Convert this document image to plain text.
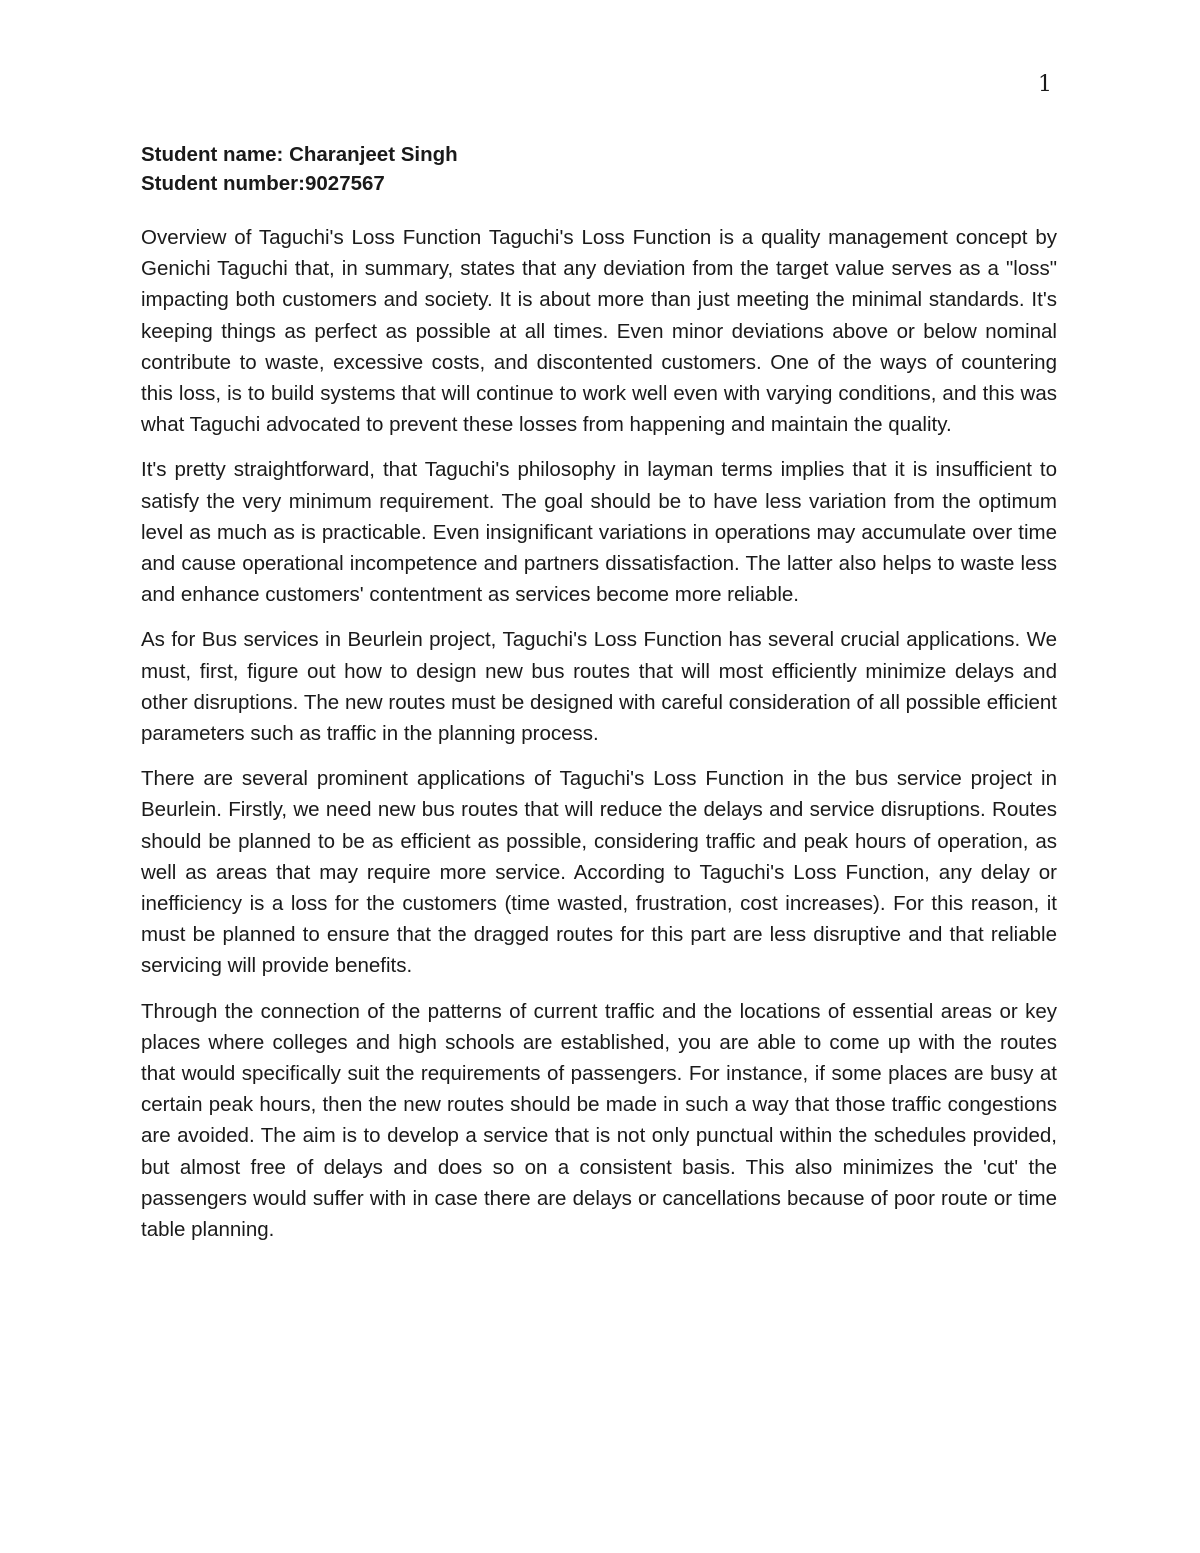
1

Student name: Charanjeet Singh

Student number:9027567

Overview of Taguchi's Loss Function Taguchi's Loss Function is a quality management concept by Genichi Taguchi that, in summary, states that any deviation from the target value serves as a "loss" impacting both customers and society. It is about more than just meeting the minimal standards. It's keeping things as perfect as possible at all times. Even minor deviations above or below nominal contribute to waste, excessive costs, and discontented customers. One of the ways of countering this loss, is to build systems that will continue to work well even with varying conditions, and this was what Taguchi advocated to prevent these losses from happening and maintain the quality.

It's pretty straightforward, that Taguchi's philosophy in layman terms implies that it is insufficient to satisfy the very minimum requirement. The goal should be to have less variation from the optimum level as much as is practicable. Even insignificant variations in operations may accumulate over time and cause operational incompetence and partners dissatisfaction. The latter also helps to waste less and enhance customers' contentment as services become more reliable.

As for Bus services in Beurlein project, Taguchi's Loss Function has several crucial applications. We must, first, figure out how to design new bus routes that will most efficiently minimize delays and other disruptions. The new routes must be designed with careful consideration of all possible efficient parameters such as traffic in the planning process.

There are several prominent applications of Taguchi's Loss Function in the bus service project in Beurlein. Firstly, we need new bus routes that will reduce the delays and service disruptions. Routes should be planned to be as efficient as possible, considering traffic and peak hours of operation, as well as areas that may require more service. According to Taguchi's Loss Function, any delay or inefficiency is a loss for the customers (time wasted, frustration, cost increases). For this reason, it must be planned to ensure that the dragged routes for this part are less disruptive and that reliable servicing will provide benefits.

Through the connection of the patterns of current traffic and the locations of essential areas or key places where colleges and high schools are established, you are able to come up with the routes that would specifically suit the requirements of passengers. For instance, if some places are busy at certain peak hours, then the new routes should be made in such a way that those traffic congestions are avoided. The aim is to develop a service that is not only punctual within the schedules provided, but almost free of delays and does so on a consistent basis. This also minimizes the 'cut' the passengers would suffer with in case there are delays or cancellations because of poor route or time table planning.
